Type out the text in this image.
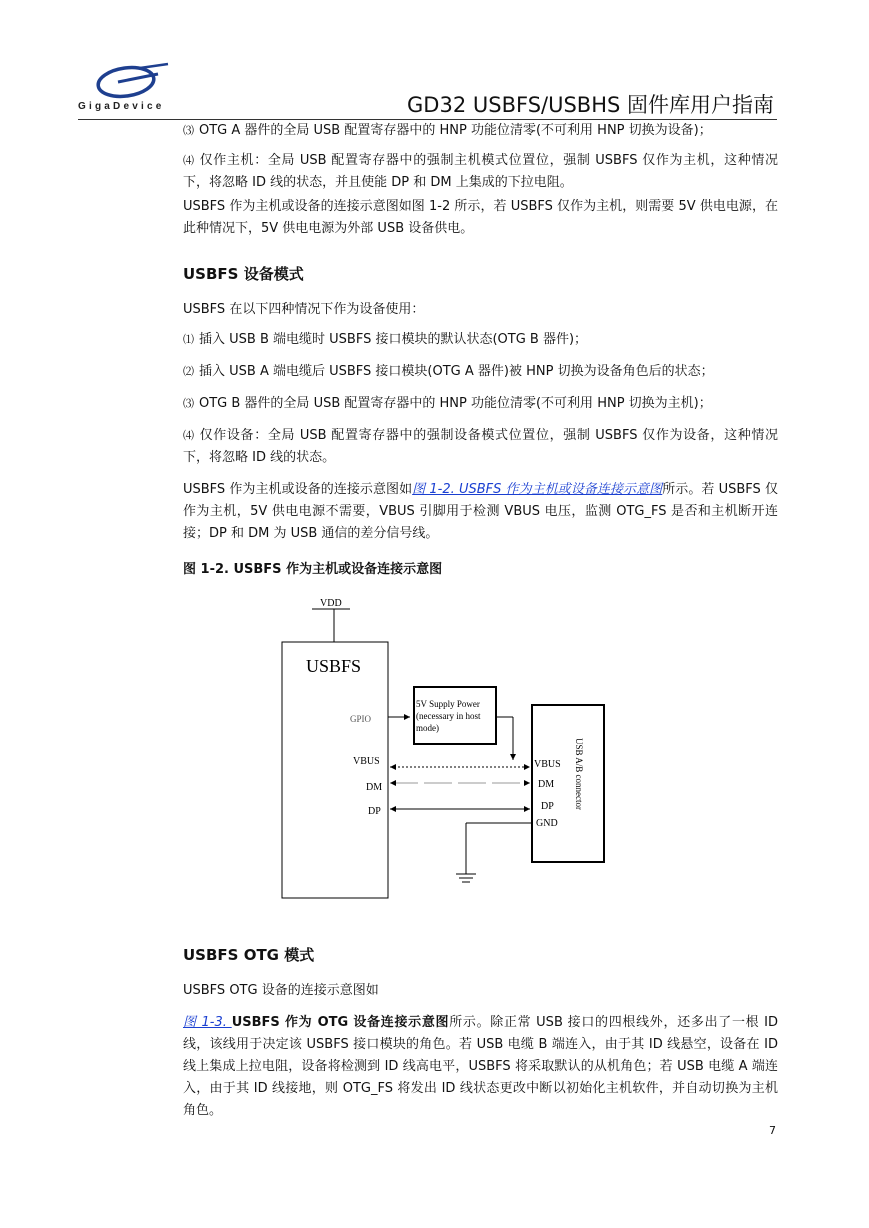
GigaDevice	GD32 USBFS/USBHS 固件库用户指南
⑶ OTG A 器件的全局 USB 配置寄存器中的 HNP 功能位清零(不可利用 HNP 切换为设备)；
⑷ 仅作主机：全局 USB 配置寄存器中的强制主机模式位置位，强制 USBFS 仅作为主机，这种情况下，将忽略 ID 线的状态，并且使能 DP 和 DM 上集成的下拉电阻。
USBFS 作为主机或设备的连接示意图如图 1-2 所示，若 USBFS 仅作为主机，则需要 5V 供电电源，在此种情况下，5V 供电电源为外部 USB 设备供电。
USBFS 设备模式
USBFS 在以下四种情况下作为设备使用：
⑴ 插入 USB B 端电缆时 USBFS 接口模块的默认状态(OTG B 器件)；
⑵ 插入 USB A 端电缆后 USBFS 接口模块(OTG A 器件)被 HNP 切换为设备角色后的状态；
⑶ OTG B 器件的全局 USB 配置寄存器中的 HNP 功能位清零(不可利用 HNP 切换为主机)；
⑷ 仅作设备：全局 USB 配置寄存器中的强制设备模式位置位，强制 USBFS 仅作为设备，这种情况下，将忽略 ID 线的状态。
USBFS 作为主机或设备的连接示意图如图 1-2. USBFS 作为主机或设备连接示意图所示。若 USBFS 仅作为主机，5V 供电电源不需要，VBUS 引脚用于检测 VBUS 电压，监测 OTG_FS 是否和主机断开连接；DP 和 DM 为 USB 通信的差分信号线。
图 1-2. USBFS 作为主机或设备连接示意图
USBFS OTG 模式
USBFS OTG 设备的连接示意图如
图 1-3. USBFS 作为 OTG 设备连接示意图所示。除正常 USB 接口的四根线外，还多出了一根 ID 线，该线用于决定该 USBFS 接口模块的角色。若 USB 电缆 B 端连入，由于其 ID 线悬空，设备在 ID 线上集成上拉电阻，设备将检测到 ID 线高电平，USBFS 将采取默认的从机角色；若 USB 电缆 A 端连入，由于其 ID 线接地，则 OTG_FS 将发出 ID 线状态更改中断以初始化主机软件，并自动切换为主机角色。
VDD
USBFS
GPIO
VBUS
DM
DP
5V Supply Power
(necessary in host
mode)
USB A/B connector
VBUS
DM
DP
GND
7
